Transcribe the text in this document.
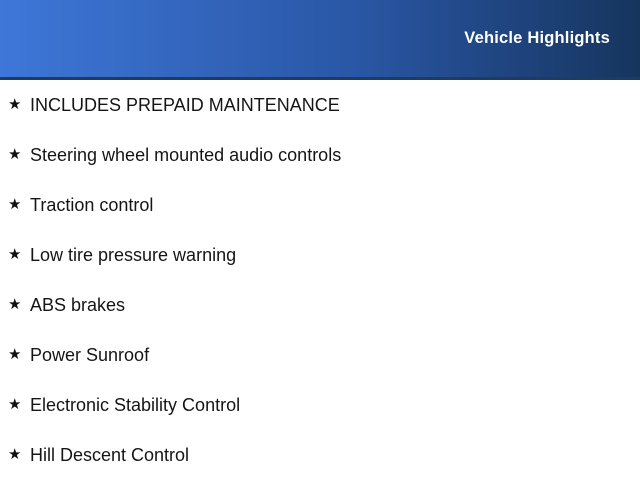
Vehicle Highlights
★ INCLUDES PREPAID MAINTENANCE
★ Steering wheel mounted audio controls
★ Traction control
★ Low tire pressure warning
★ ABS brakes
★ Power Sunroof
★ Electronic Stability Control
★ Hill Descent Control
